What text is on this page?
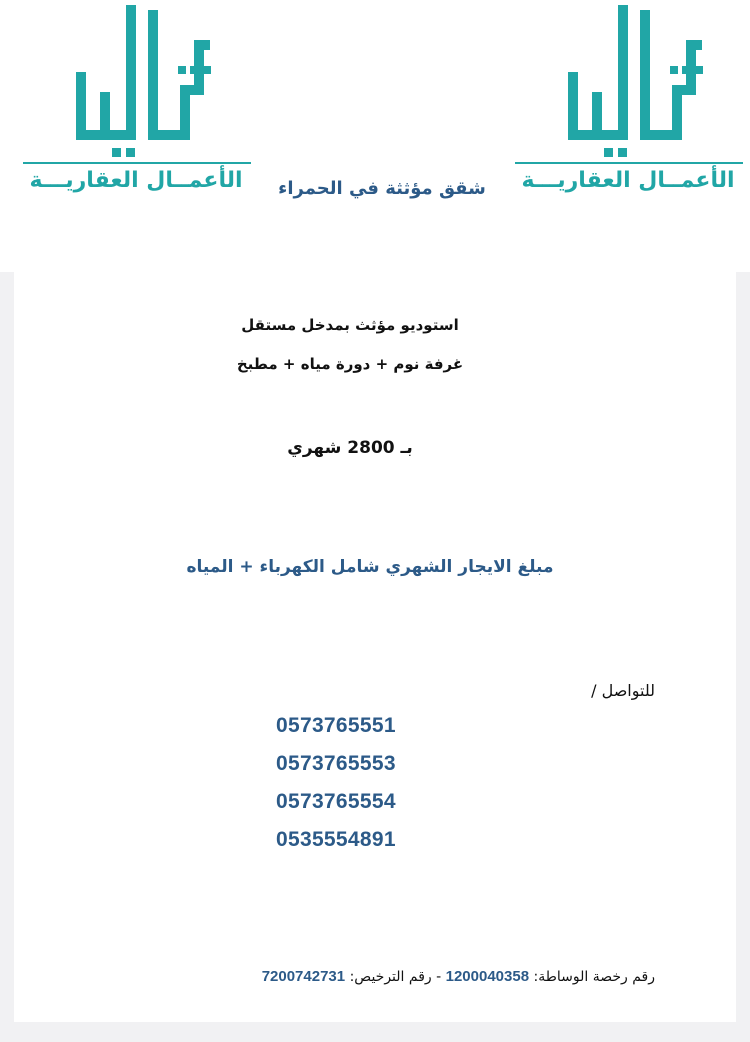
الأعمــال العقاريـــة	الأعمــال العقاريـــة
شقق مؤثثة في الحمراء
استوديو مؤثث بمدخل مستقل
غرفة نوم + دورة مياه + مطبخ
بـ 2800 شهري
مبلغ الايجار الشهري شامل الكهرباء + المياه
للتواصل /
0573765551
0573765553
0573765554
0535554891
رقم رخصة الوساطة: 1200040358 - رقم الترخيص: 7200742731
